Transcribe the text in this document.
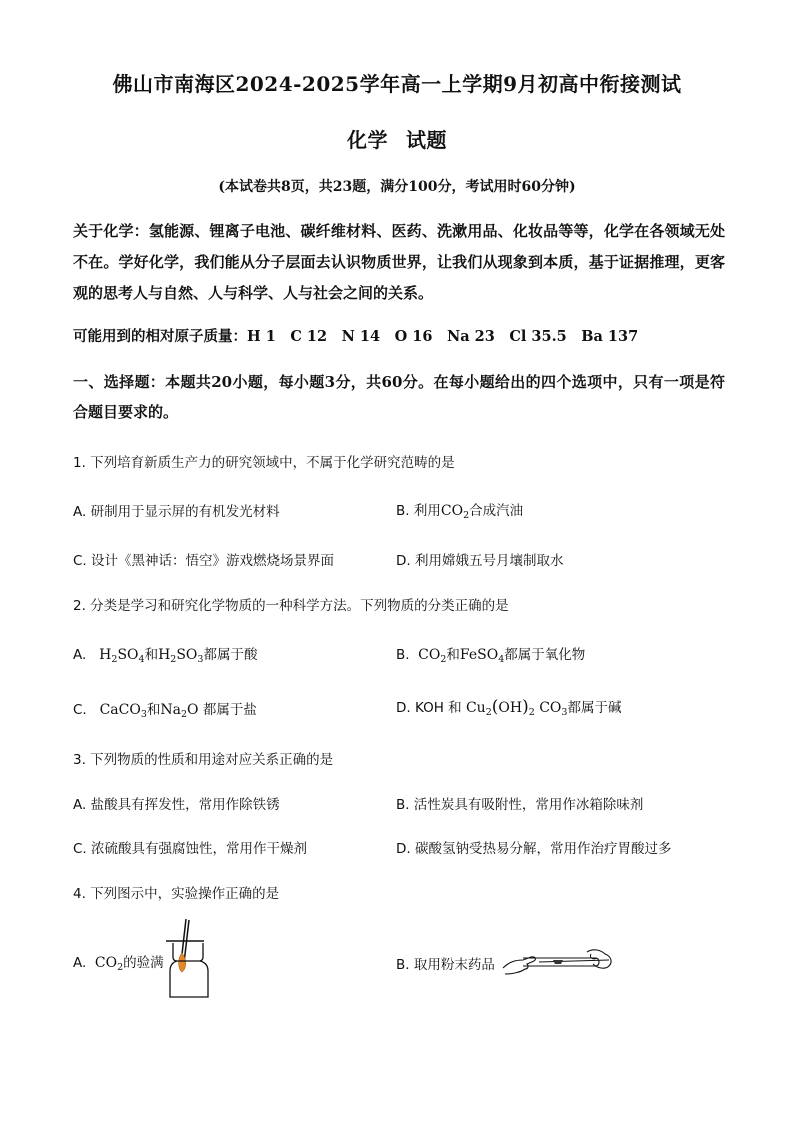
佛山市南海区2024-2025学年高一上学期9月初高中衔接测试
化学 试题
(本试卷共8页，共23题，满分100分，考试用时60分钟)
关于化学：氢能源、锂离子电池、碳纤维材料、医药、洗漱用品、化妆品等等，化学在各领域无处不在。学好化学，我们能从分子层面去认识物质世界，让我们从现象到本质，基于证据推理，更客观的思考人与自然、人与科学、人与社会之间的关系。
可能用到的相对原子质量：H 1　C 12　N 14　O 16　Na 23　Cl 35.5　Ba 137
一、选择题：本题共20小题，每小题3分，共60分。在每小题给出的四个选项中，只有一项是符合题目要求的。
1. 下列培育新质生产力的研究领域中，不属于化学研究范畴的是
A. 研制用于显示屏的有机发光材料	B. 利用$CO_2$合成汽油
C. 设计《黑神话：悟空》游戏燃烧场景界面	D. 利用嫦娥五号月壤制取水
2. 分类是学习和研究化学物质的一种科学方法。下列物质的分类正确的是
A. $H_2SO_4$和$H_2SO_3$都属于酸	B. $CO_2$和FeSO$_4$都属于氧化物
C. CaCO$_3$和$Na_2O$ 都属于盐	D. KOH 和 $Cu_2(OH)_2$ $CO_3$都属于碱
3. 下列物质的性质和用途对应关系正确的是
A. 盐酸具有挥发性，常用作除铁锈	B. 活性炭具有吸附性，常用作冰箱除味剂
C. 浓硫酸具有强腐蚀性，常用作干燥剂	D. 碳酸氢钠受热易分解，常用作治疗胃酸过多
4. 下列图示中，实验操作正确的是
A. $CO_2$的验满	B. 取用粉末药品
